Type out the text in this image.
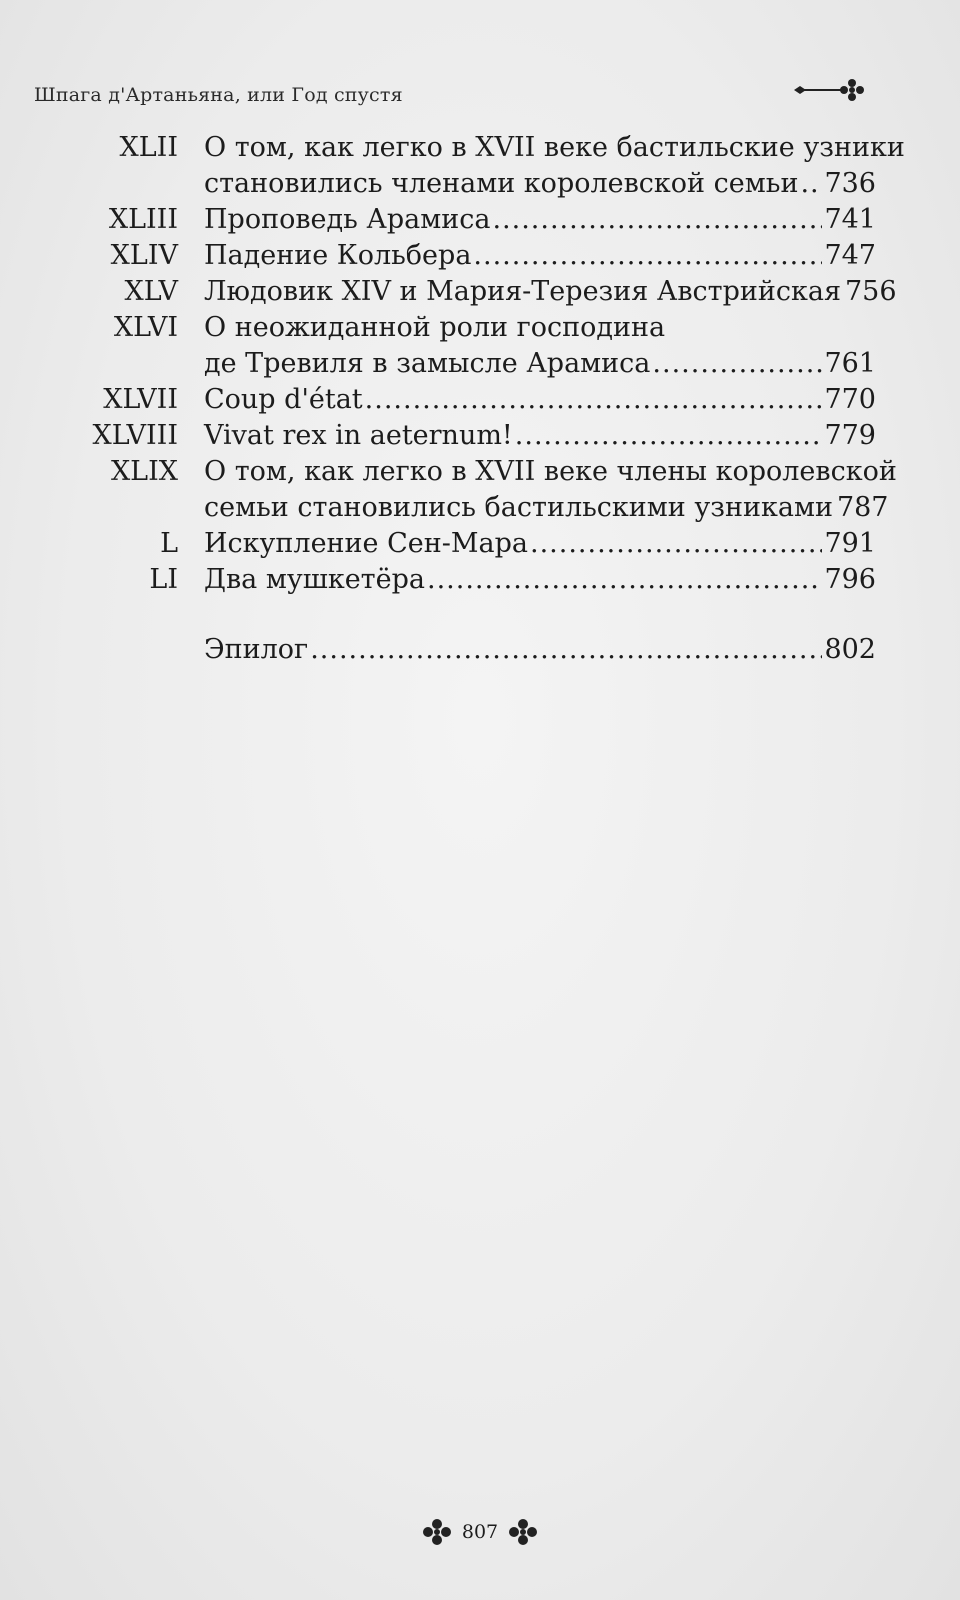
Шпага д'Артаньяна, или Год спустя
XLII О том, как легко в XVII веке бастильские узники
становились членами королевской семьи ..... 736
XLIII Проповедь Арамиса .....	741
XLIV Падение Кольбера .....	747
XLV Людовик XIV и Мария-Терезия Австрийская 756
XLVI О неожиданной роли господина
де Тревиля в замысле Арамиса .....	761
XLVII Coup d'état .....	770
XLVIII Vivat rex in aeternum! .....	779
XLIX О том, как легко в XVII веке члены королевской
семьи становились бастильскими узниками 787
L Искупление Сен-Мара .....	791
LI Два мушкетёра .....	796
Эпилог .....	802
807
